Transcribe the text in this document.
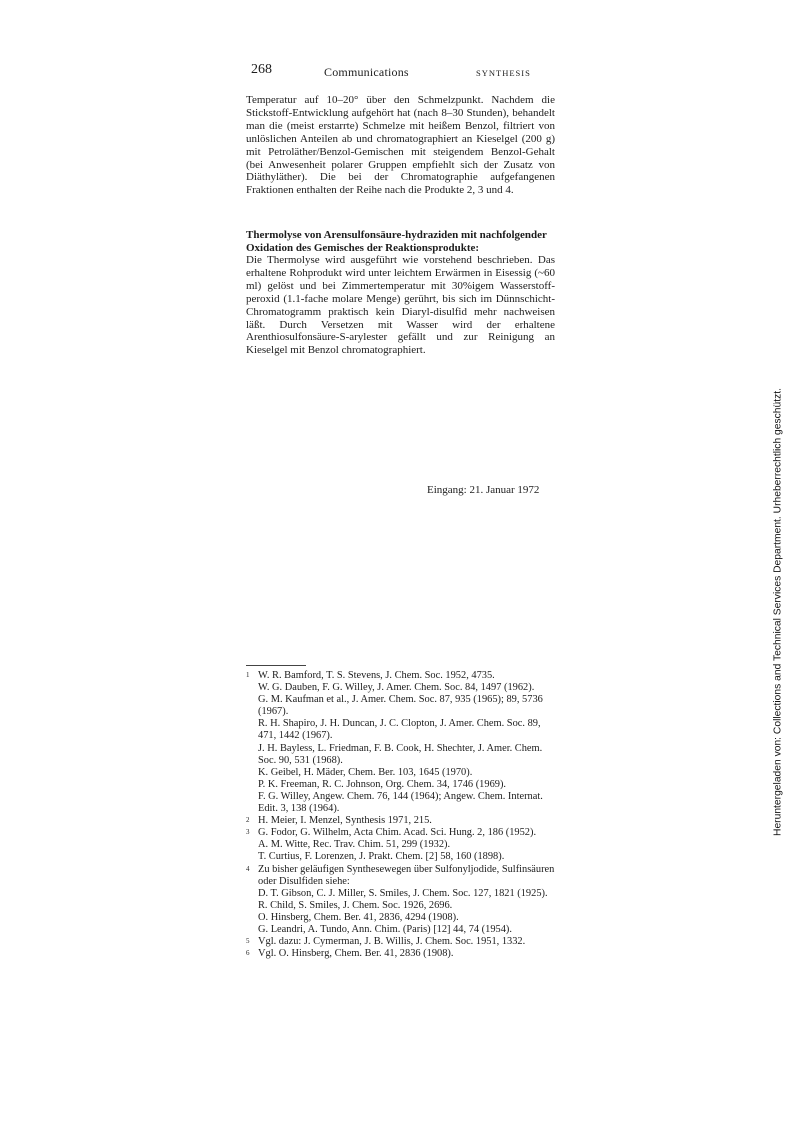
268	Communications	SYNTHESIS
Temperatur auf 10–20° über den Schmelzpunkt. Nachdem die Stickstoff-Entwicklung aufgehört hat (nach 8–30 Stunden), behandelt man die (meist erstarrte) Schmelze mit heißem Benzol, filtriert von unlöslichen Anteilen ab und chromatographiert an Kieselgel (200 g) mit Petroläther/Benzol-Gemischen mit steigendem Benzol-Gehalt (bei Anwesenheit polarer Gruppen empfiehlt sich der Zusatz von Diäthyläther). Die bei der Chromatographie aufgefangenen Fraktionen enthalten der Reihe nach die Produkte 2, 3 und 4.
Thermolyse von Arensulfonsäure-hydraziden mit nachfolgender Oxidation des Gemisches der Reaktionsprodukte:
Die Thermolyse wird ausgeführt wie vorstehend beschrieben. Das erhaltene Rohprodukt wird unter leichtem Erwärmen in Eisessig (~60 ml) gelöst und bei Zimmertemperatur mit 30%igem Wasserstoff-peroxid (1.1-fache molare Menge) gerührt, bis sich im Dünnschicht-Chromatogramm praktisch kein Diaryl-disulfid mehr nachweisen läßt. Durch Versetzen mit Wasser wird der erhaltene Arenthiosulfonsäure-S-arylester gefällt und zur Reinigung an Kieselgel mit Benzol chromatographiert.
Eingang: 21. Januar 1972
1 W. R. Bamford, T. S. Stevens, J. Chem. Soc. 1952, 4735.
W. G. Dauben, F. G. Willey, J. Amer. Chem. Soc. 84, 1497 (1962).
G. M. Kaufman et al., J. Amer. Chem. Soc. 87, 935 (1965); 89, 5736 (1967).
R. H. Shapiro, J. H. Duncan, J. C. Clopton, J. Amer. Chem. Soc. 89, 471, 1442 (1967).
J. H. Bayless, L. Friedman, F. B. Cook, H. Shechter, J. Amer. Chem. Soc. 90, 531 (1968).
K. Geibel, H. Mäder, Chem. Ber. 103, 1645 (1970).
P. K. Freeman, R. C. Johnson, Org. Chem. 34, 1746 (1969).
F. G. Willey, Angew. Chem. 76, 144 (1964); Angew. Chem. Internat. Edit. 3, 138 (1964).
2 H. Meier, I. Menzel, Synthesis 1971, 215.
3 G. Fodor, G. Wilhelm, Acta Chim. Acad. Sci. Hung. 2, 186 (1952).
A. M. Witte, Rec. Trav. Chim. 51, 299 (1932).
T. Curtius, F. Lorenzen, J. Prakt. Chem. [2] 58, 160 (1898).
4 Zu bisher geläufigen Synthesewegen über Sulfonyljodide, Sulfinsäuren oder Disulfiden siehe:
D. T. Gibson, C. J. Miller, S. Smiles, J. Chem. Soc. 127, 1821 (1925).
R. Child, S. Smiles, J. Chem. Soc. 1926, 2696.
O. Hinsberg, Chem. Ber. 41, 2836, 4294 (1908).
G. Leandri, A. Tundo, Ann. Chim. (Paris) [12] 44, 74 (1954).
5 Vgl. dazu: J. Cymerman, J. B. Willis, J. Chem. Soc. 1951, 1332.
6 Vgl. O. Hinsberg, Chem. Ber. 41, 2836 (1908).
Heruntergeladen von: Collections and Technical Services Department. Urheberrechtlich geschützt.
